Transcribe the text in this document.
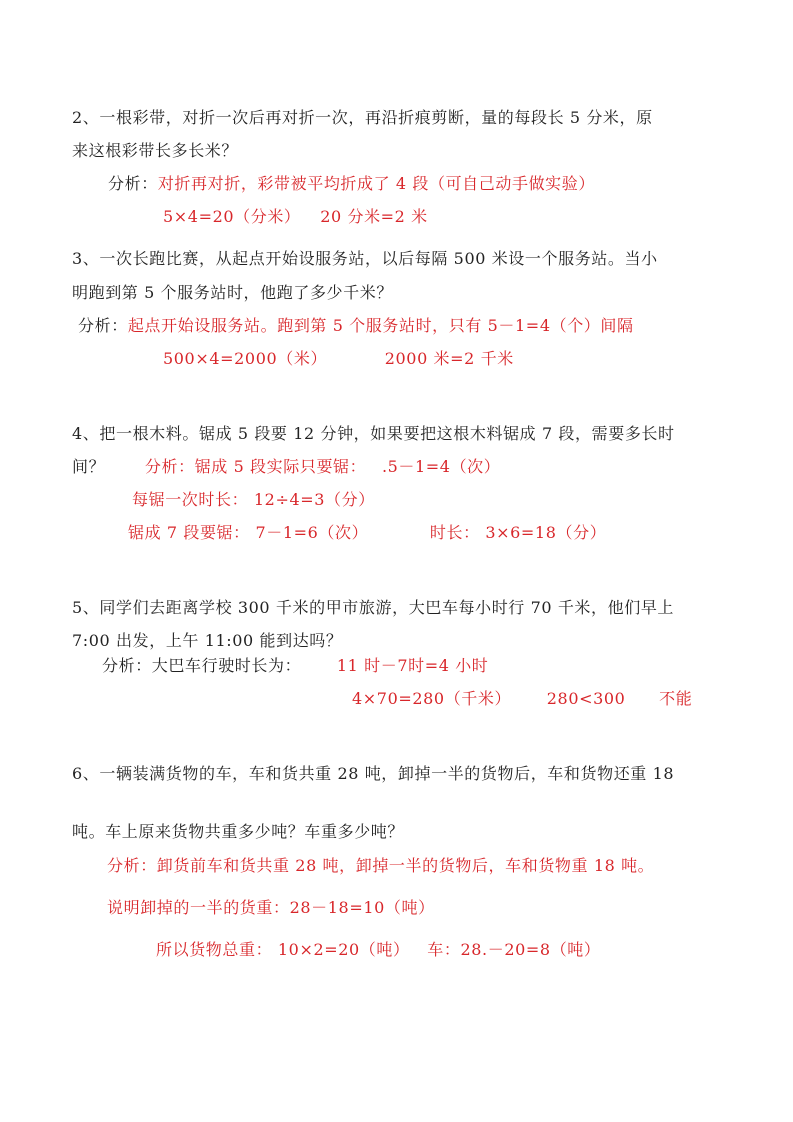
2、一根彩带，对折一次后再对折一次，再沿折痕剪断，量的每段长 5 分米，原
来这根彩带长多长米？
分析：对折再对折，彩带被平均折成了 4 段（可自己动手做实验）
5×4=20（分米） 20 分米=2 米
3、一次长跑比赛，从起点开始设服务站，以后每隔 500 米设一个服务站。当小
明跑到第 5 个服务站时，他跑了多少千米？
分析：起点开始设服务站。跑到第 5 个服务站时，只有 5－1=4（个）间隔
500×4=2000（米）	2000 米=2 千米
4、把一根木料。锯成 5 段要 12 分钟，如果要把这根木料锯成 7 段，需要多长时
间？ 分析：锯成 5 段实际只要锯： .5－1=4（次）
每锯一次时长： 12÷4=3（分）
锯成 7 段要锯： 7－1=6（次）	时长： 3×6=18（分）
5、同学们去距离学校 300 千米的甲市旅游，大巴车每小时行 70 千米，他们早上
7:00 出发，上午 11:00 能到达吗？
分析：大巴车行驶时长为： 11 时－7时=4 小时
4×70=280（千米） 280<300 不能
6、一辆装满货物的车，车和货共重 28 吨，卸掉一半的货物后，车和货物还重 18
吨。车上原来货物共重多少吨？车重多少吨？
分析：卸货前车和货共重 28 吨，卸掉一半的货物后，车和货物重 18 吨。
说明卸掉的一半的货重：28－18=10（吨）
所以货物总重： 10×2=20（吨） 车：28.－20=8（吨）
